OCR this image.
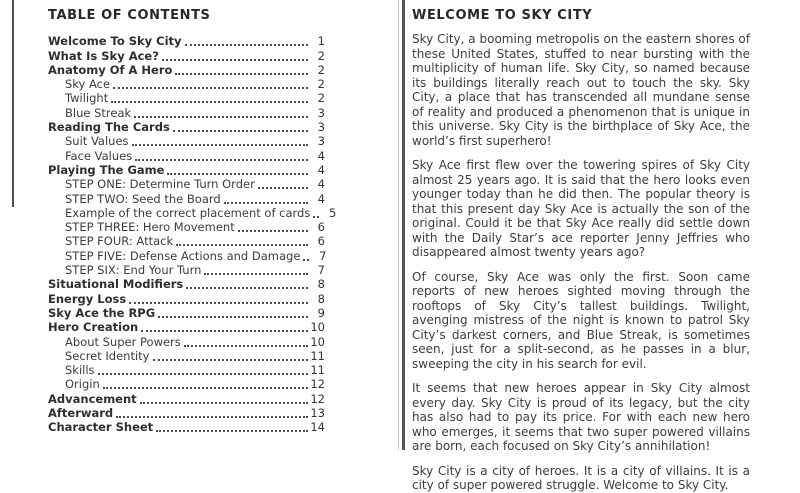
TABLE OF CONTENTS
Welcome To Sky City	1
What Is Sky Ace?	2
Anatomy Of A Hero	2
Sky Ace	2
Twilight	2
Blue Streak	3
Reading The Cards	3
Suit Values	3
Face Values	4
Playing The Game	4
STEP ONE: Determine Turn Order	4
STEP TWO: Seed the Board	4
Example of the correct placement of cards	5
STEP THREE: Hero Movement	6
STEP FOUR: Attack	6
STEP FIVE: Defense Actions and Damage	7
STEP SIX: End Your Turn	7
Situational Modifiers	8
Energy Loss	8
Sky Ace the RPG	9
Hero Creation	10
About Super Powers	10
Secret Identity	11
Skills	11
Origin	12
Advancement	12
Afterward	13
Character Sheet	14
WELCOME TO SKY CITY

Sky City, a booming metropolis on the eastern shores of these United States, stuffed to near bursting with the multiplicity of human life. Sky City, so named because its buildings literally reach out to touch the sky. Sky City, a place that has transcended all mundane sense of reality and produced a phenomenon that is unique in this universe. Sky City is the birthplace of Sky Ace, the world’s first superhero!

Sky Ace first flew over the towering spires of Sky City almost 25 years ago. It is said that the hero looks even younger today than he did then. The popular theory is that this present day Sky Ace is actually the son of the original. Could it be that Sky Ace really did settle down with the Daily Star’s ace reporter Jenny Jeffries who disappeared almost twenty years ago?

Of course, Sky Ace was only the first. Soon came reports of new heroes sighted moving through the rooftops of Sky City’s tallest buildings. Twilight, avenging mistress of the night is known to patrol Sky City’s darkest corners, and Blue Streak, is sometimes seen, just for a split-second, as he passes in a blur, sweeping the city in his search for evil.

It seems that new heroes appear in Sky City almost every day. Sky City is proud of its legacy, but the city has also had to pay its price. For with each new hero who emerges, it seems that two super powered villains are born, each focused on Sky City’s annihilation!

Sky City is a city of heroes. It is a city of villains. It is a city of super powered struggle. Welcome to Sky City.
